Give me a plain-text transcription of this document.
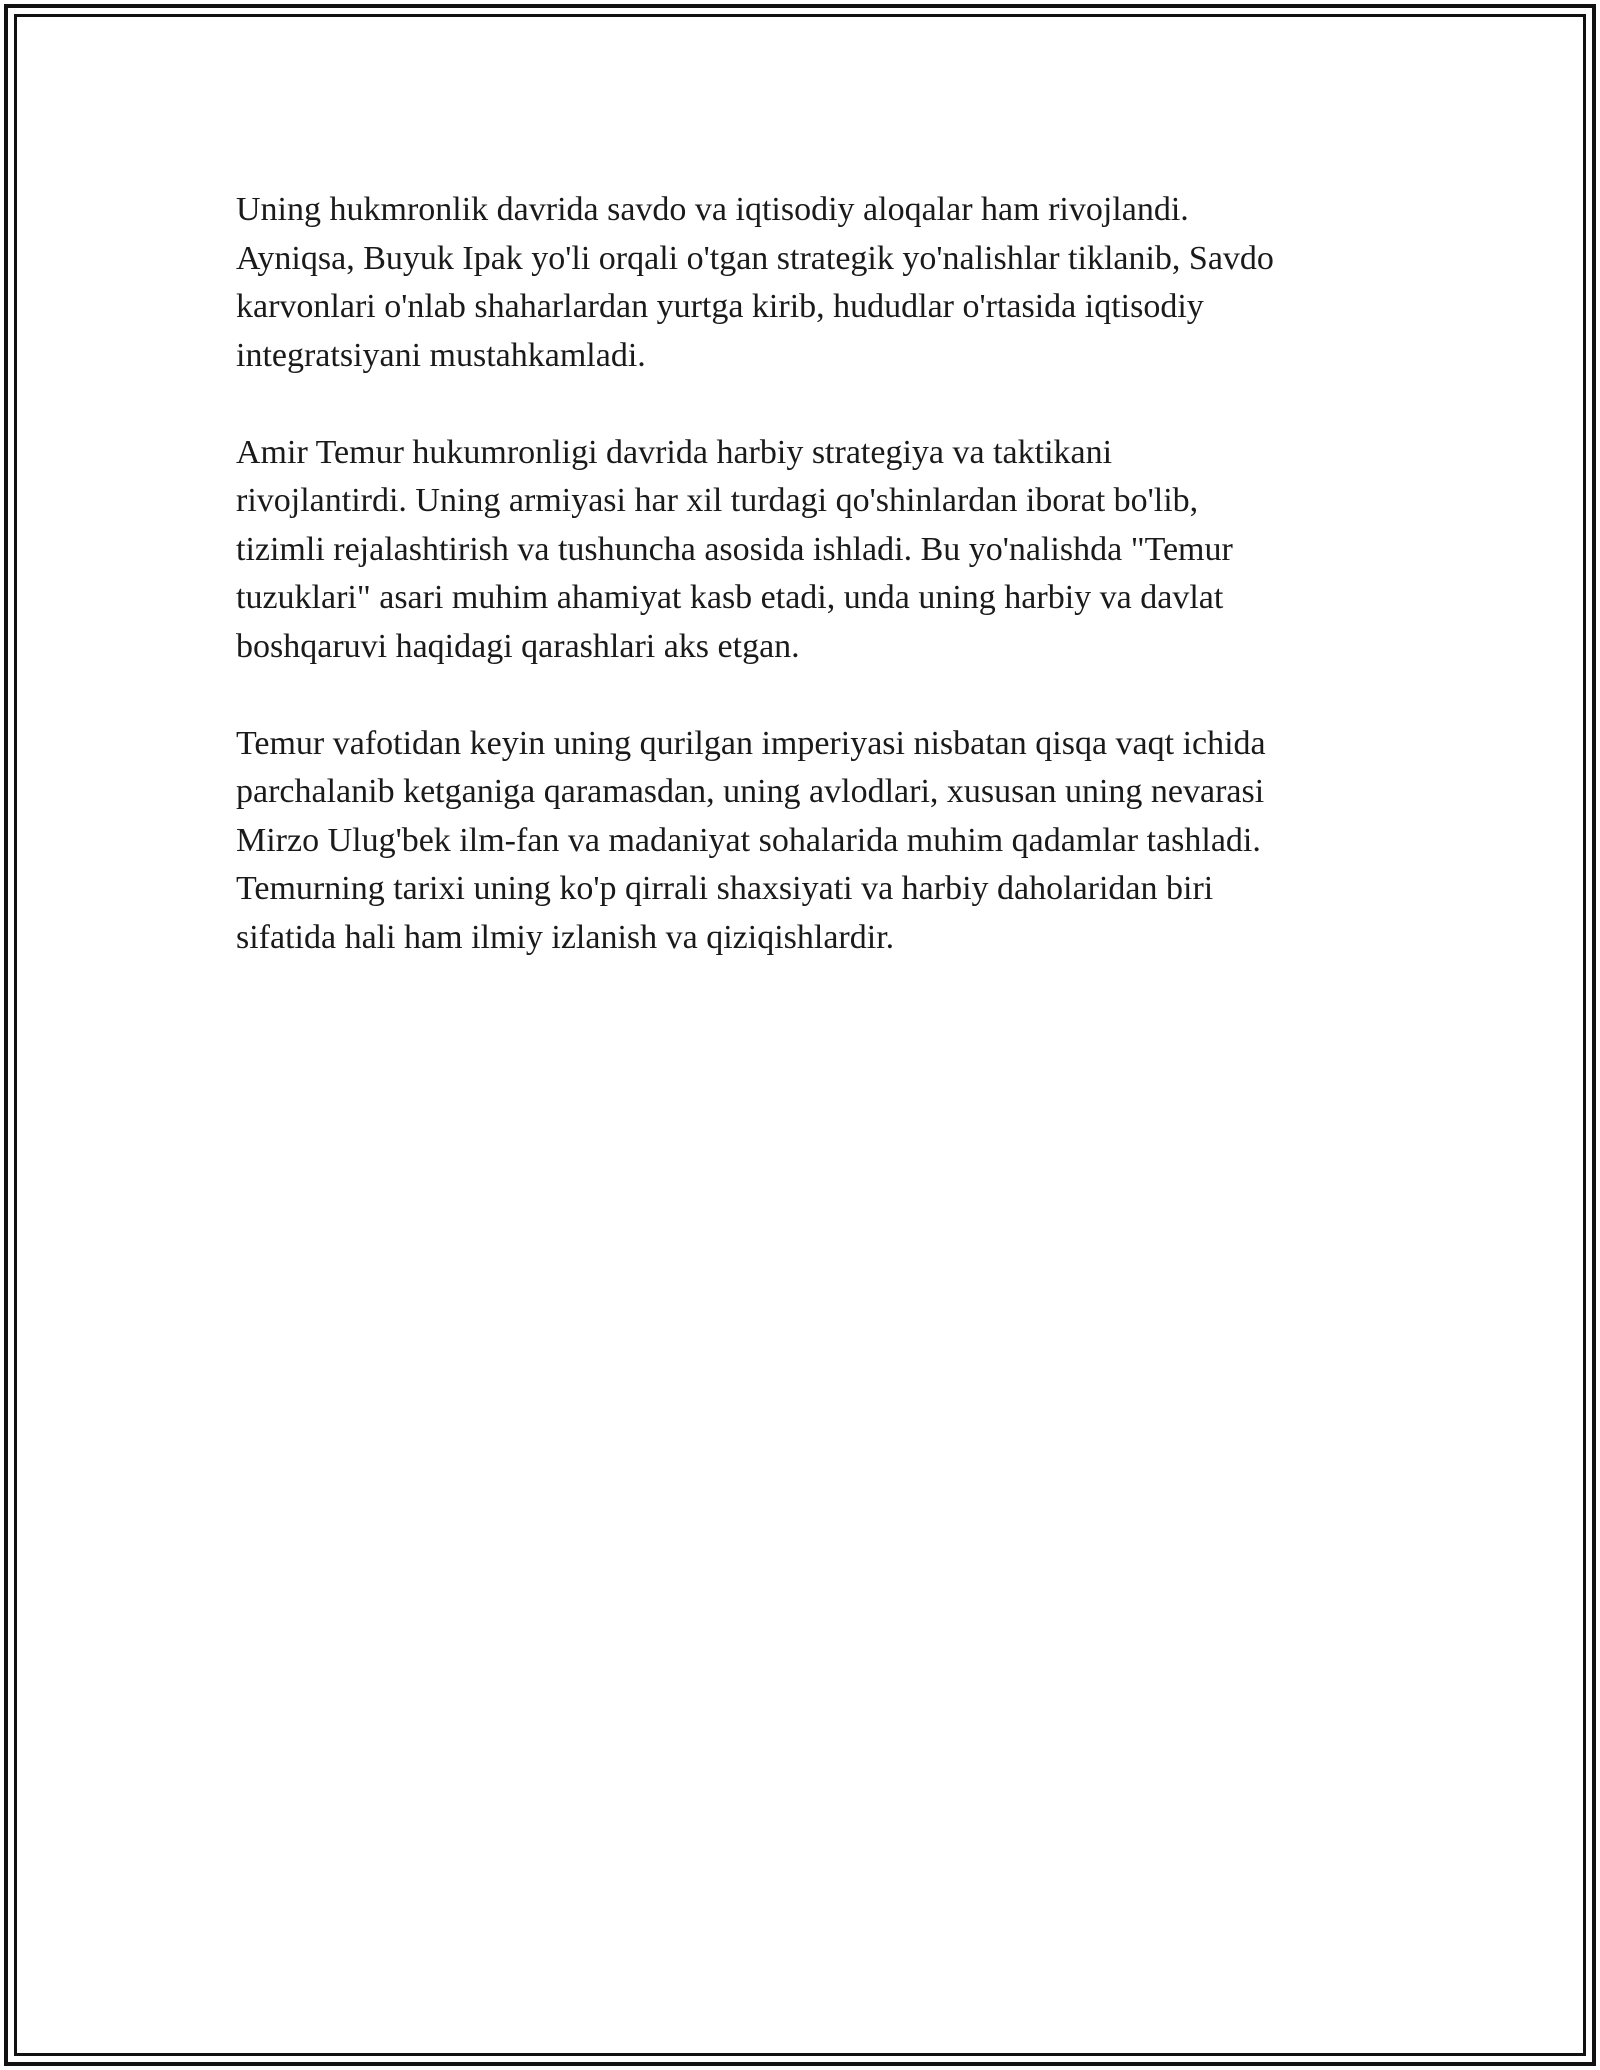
Uning hukmronlik davrida savdo va iqtisodiy aloqalar ham rivojlandi.
Ayniqsa, Buyuk Ipak yo'li orqali o'tgan strategik yo'nalishlar tiklanib, Savdo
karvonlari o'nlab shaharlardan yurtga kirib, hududlar o'rtasida iqtisodiy
integratsiyani mustahkamladi.

Amir Temur hukumronligi davrida harbiy strategiya va taktikani
rivojlantirdi. Uning armiyasi har xil turdagi qo'shinlardan iborat bo'lib,
tizimli rejalashtirish va tushuncha asosida ishladi. Bu yo'nalishda "Temur
tuzuklari" asari muhim ahamiyat kasb etadi, unda uning harbiy va davlat
boshqaruvi haqidagi qarashlari aks etgan.

Temur vafotidan keyin uning qurilgan imperiyasi nisbatan qisqa vaqt ichida
parchalanib ketganiga qaramasdan, uning avlodlari, xususan uning nevarasi
Mirzo Ulug'bek ilm-fan va madaniyat sohalarida muhim qadamlar tashladi.
Temurning tarixi uning ko'p qirrali shaxsiyati va harbiy daholaridan biri
sifatida hali ham ilmiy izlanish va qiziqishlardir.
